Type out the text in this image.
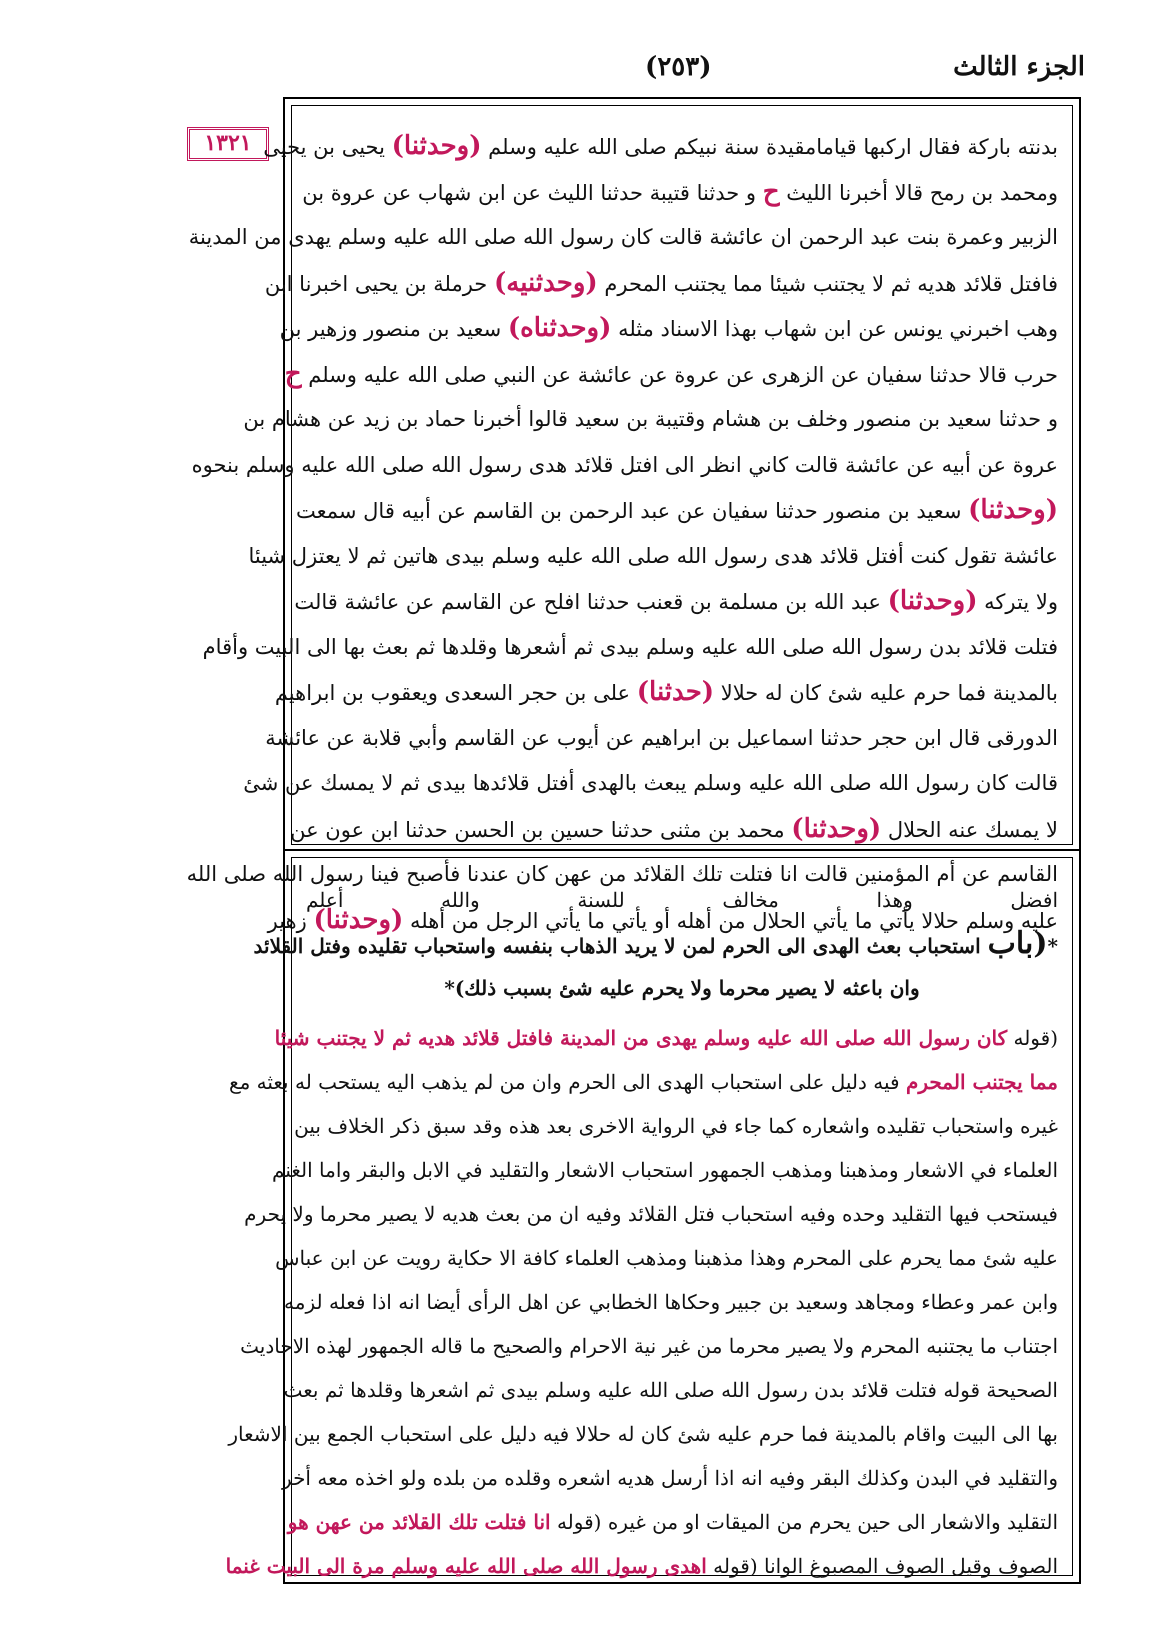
الجزء الثالث
(٢٥٣)
١٣٢١	بدنته باركة فقال اركبها قيامامقيدة سنة نبيكم صلى الله عليه وسلم (وحدثنا) يحيى بن يحيى
ومحمد بن رمح قالا أخبرنا الليث ح و حدثنا قتيبة حدثنا الليث عن ابن شهاب عن عروة بن
الزبير وعمرة بنت عبد الرحمن ان عائشة قالت كان رسول الله صلى الله عليه وسلم يهدى من المدينة
فافتل قلائد هديه ثم لا يجتنب شيئا مما يجتنب المحرم (وحدثنيه) حرملة بن يحيى اخبرنا ابن
وهب اخبرني يونس عن ابن شهاب بهذا الاسناد مثله (وحدثناه) سعيد بن منصور وزهير بن
حرب قالا حدثنا سفيان عن الزهرى عن عروة عن عائشة عن النبي صلى الله عليه وسلم ح
و حدثنا سعيد بن منصور وخلف بن هشام وقتيبة بن سعيد قالوا أخبرنا حماد بن زيد عن هشام بن
عروة عن أبيه عن عائشة قالت كاني انظر الى افتل قلائد هدى رسول الله صلى الله عليه وسلم بنحوه
(وحدثنا) سعيد بن منصور حدثنا سفيان عن عبد الرحمن بن القاسم عن أبيه قال سمعت
عائشة تقول كنت أفتل قلائد هدى رسول الله صلى الله عليه وسلم بيدى هاتين ثم لا يعتزل شيئا
ولا يتركه (وحدثنا) عبد الله بن مسلمة بن قعنب حدثنا افلح عن القاسم عن عائشة قالت
فتلت قلائد بدن رسول الله صلى الله عليه وسلم بيدى ثم أشعرها وقلدها ثم بعث بها الى البيت وأقام
بالمدينة فما حرم عليه شئ كان له حلالا (حدثنا) على بن حجر السعدى ويعقوب بن ابراهيم
الدورقى قال ابن حجر حدثنا اسماعيل بن ابراهيم عن أيوب عن القاسم وأبي قلابة عن عائشة
قالت كان رسول الله صلى الله عليه وسلم يبعث بالهدى أفتل قلائدها بيدى ثم لا يمسك عن شئ
لا يمسك عنه الحلال (وحدثنا) محمد بن مثنى حدثنا حسين بن الحسن حدثنا ابن عون عن
القاسم عن أم المؤمنين قالت انا فتلت تلك القلائد من عهن كان عندنا فأصبح فينا رسول الله صلى الله
عليه وسلم حلالا يأتي ما يأتي الحلال من أهله أو يأتي ما يأتي الرجل من أهله (وحدثنا) زهير
افضل وهذا مخالف للسنة والله أعلم
*(باب استحباب بعث الهدى الى الحرم لمن لا يريد الذهاب بنفسه واستحباب تقليده وفتل القلائد
وان باعثه لا يصير محرما ولا يحرم عليه شئ بسبب ذلك)*
(قوله كان رسول الله صلى الله عليه وسلم يهدى من المدينة فافتل قلائد هديه ثم لا يجتنب شيئا
مما يجتنب المحرم فيه دليل على استحباب الهدى الى الحرم وان من لم يذهب اليه يستحب له بعثه مع
غيره واستحباب تقليده واشعاره كما جاء في الرواية الاخرى بعد هذه وقد سبق ذكر الخلاف بين
العلماء في الاشعار ومذهبنا ومذهب الجمهور استحباب الاشعار والتقليد في الابل والبقر واما الغنم
فيستحب فيها التقليد وحده وفيه استحباب فتل القلائد وفيه ان من بعث هديه لا يصير محرما ولا يحرم
عليه شئ مما يحرم على المحرم وهذا مذهبنا ومذهب العلماء كافة الا حكاية رويت عن ابن عباس
وابن عمر وعطاء ومجاهد وسعيد بن جبير وحكاها الخطابي عن اهل الرأى أيضا انه اذا فعله لزمه
اجتناب ما يجتنبه المحرم ولا يصير محرما من غير نية الاحرام والصحيح ما قاله الجمهور لهذه الاحاديث
الصحيحة قوله فتلت قلائد بدن رسول الله صلى الله عليه وسلم بيدى ثم اشعرها وقلدها ثم بعث
بها الى البيت واقام بالمدينة فما حرم عليه شئ كان له حلالا فيه دليل على استحباب الجمع بين الاشعار
والتقليد في البدن وكذلك البقر وفيه انه اذا أرسل هديه اشعره وقلده من بلده ولو اخذه معه أخر
التقليد والاشعار الى حين يحرم من الميقات او من غيره (قوله انا فتلت تلك القلائد من عهن هو
الصوف وقيل الصوف المصبوغ الوانا (قوله اهدى رسول الله صلى الله عليه وسلم مرة الى البيت غنما
